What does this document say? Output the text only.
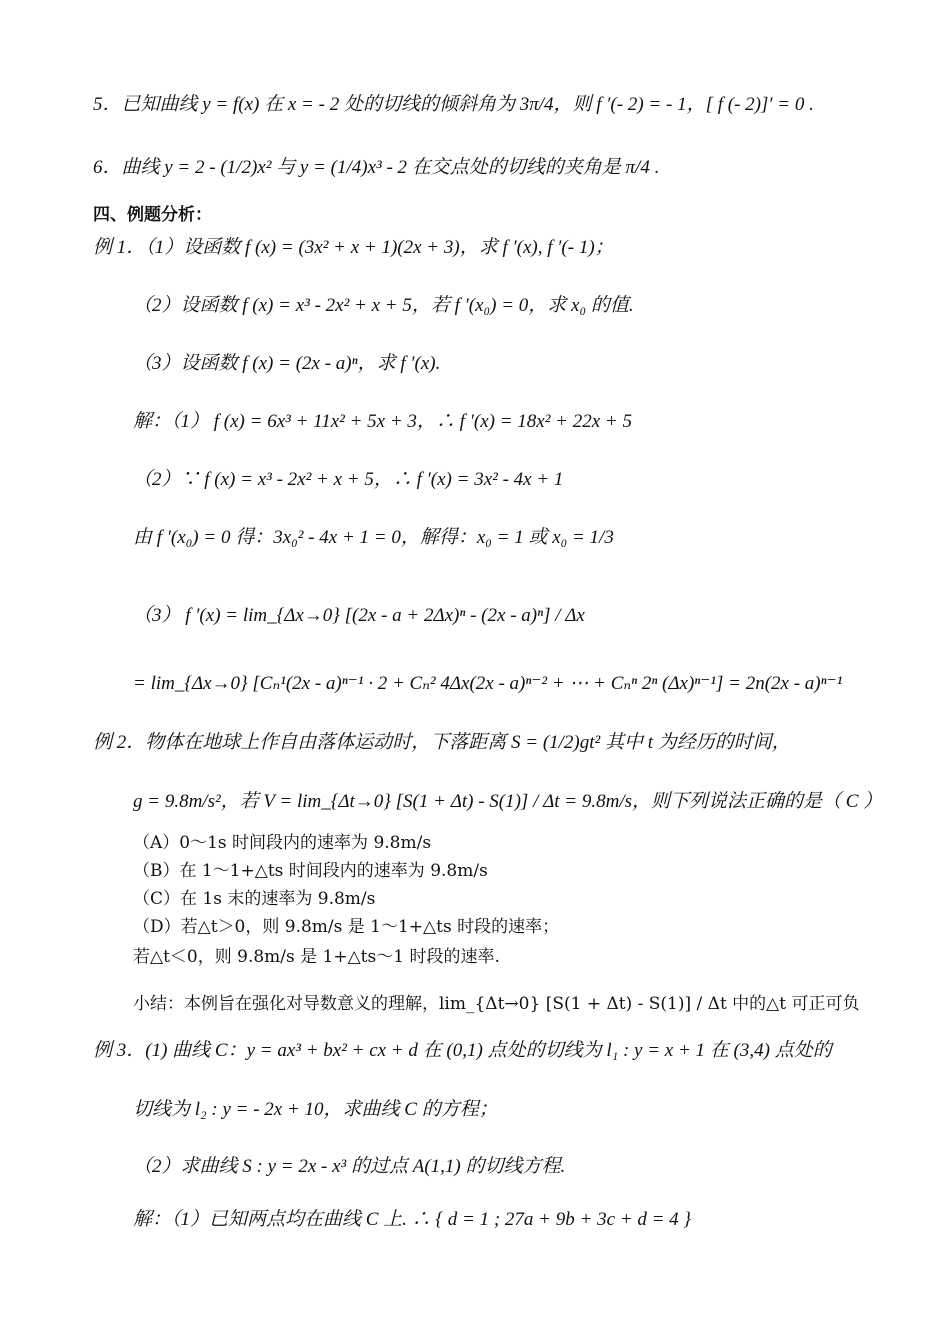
5．已知曲线 y = f(x) 在 x = - 2 处的切线的倾斜角为 3π/4，则 f ′(- 2) = - 1，[ f (- 2)]′ = 0 .
6．曲线 y = 2 - (1/2)x² 与 y = (1/4)x³ - 2 在交点处的切线的夹角是 π/4 .
四、例题分析：
例 1．（1）设函数 f (x) = (3x² + x + 1)(2x + 3)，求 f ′(x), f ′(- 1)；
（2）设函数 f (x) = x³ - 2x² + x + 5，若 f ′(x₀) = 0，求 x₀ 的值.
（3）设函数 f (x) = (2x - a)ⁿ，求 f ′(x).
解：（1） f (x) = 6x³ + 11x² + 5x + 3，∴ f ′(x) = 18x² + 22x + 5
（2）∵ f (x) = x³ - 2x² + x + 5，∴ f ′(x) = 3x² - 4x + 1
由 f ′(x₀) = 0 得：3x₀² - 4x + 1 = 0，解得：x₀ = 1 或 x₀ = 1/3
（3） f ′(x) = lim_{Δx→0} [(2x - a + 2Δx)ⁿ - (2x - a)ⁿ] / Δx
= lim_{Δx→0} [Cₙ¹(2x - a)ⁿ⁻¹ · 2 + Cₙ² 4Δx(2x - a)ⁿ⁻² + ⋯ + Cₙⁿ 2ⁿ (Δx)ⁿ⁻¹] = 2n(2x - a)ⁿ⁻¹
例 2．物体在地球上作自由落体运动时，下落距离 S = (1/2)gt² 其中 t 为经历的时间，
g = 9.8m/s²，若 V = lim_{Δt→0} [S(1 + Δt) - S(1)] / Δt = 9.8m/s，则下列说法正确的是（ C ）
（A）0～1s 时间段内的速率为 9.8m/s
（B）在 1～1+△ts 时间段内的速率为 9.8m/s
（C）在 1s 末的速率为 9.8m/s
（D）若△t＞0，则 9.8m/s 是 1～1+△ts 时段的速率；
若△t＜0，则 9.8m/s 是 1+△ts～1 时段的速率.
小结：本例旨在强化对导数意义的理解，lim_{Δt→0} [S(1 + Δt) - S(1)] / Δt 中的△t 可正可负
例 3．(1) 曲线 C：y = ax³ + bx² + cx + d 在 (0,1) 点处的切线为 l₁ : y = x + 1 在 (3,4) 点处的
切线为 l₂ : y = - 2x + 10，求曲线 C 的方程；
（2）求曲线 S : y = 2x - x³ 的过点 A(1,1) 的切线方程.
解：（1）已知两点均在曲线 C 上. ∴ { d = 1 ; 27a + 9b + 3c + d = 4 }
